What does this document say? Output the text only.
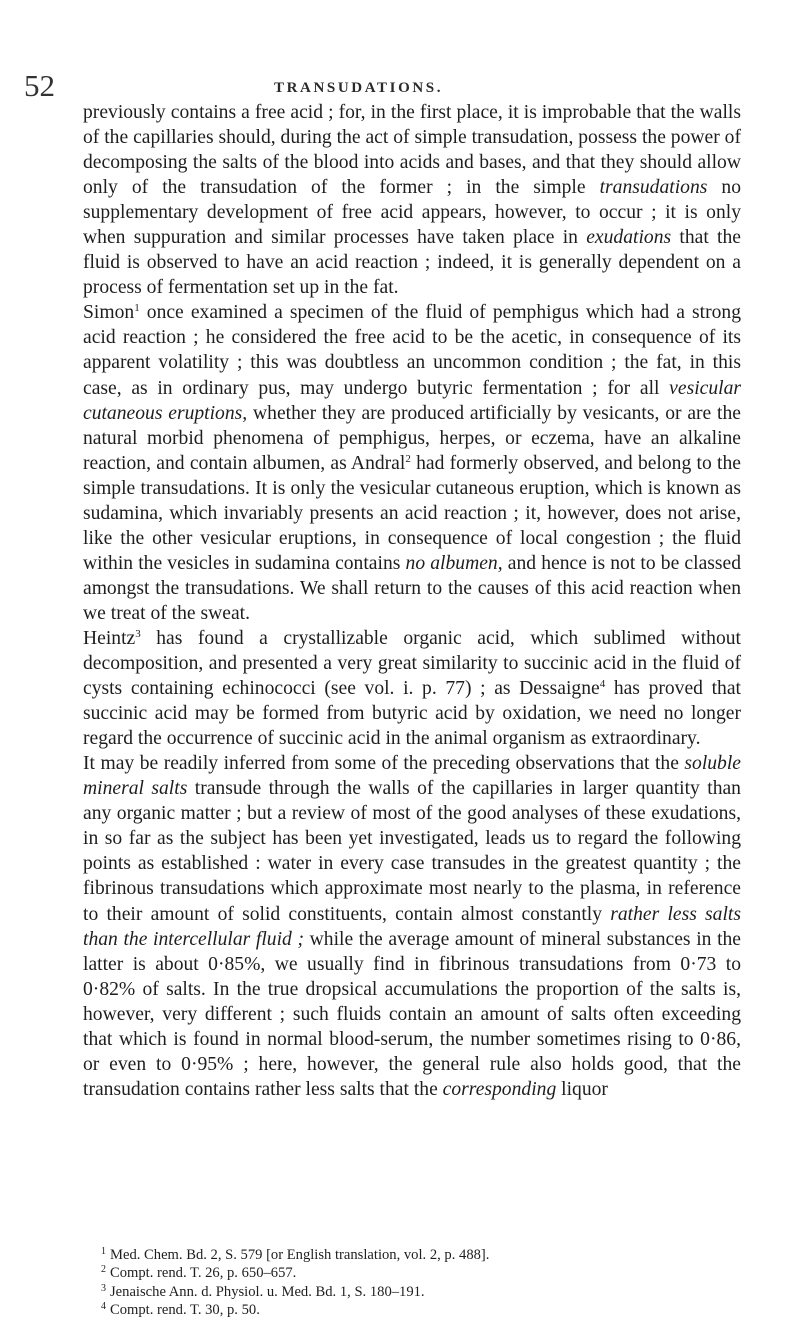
52	TRANSUDATIONS.

previously contains a free acid ; for, in the first place, it is improbable that the walls of the capillaries should, during the act of simple transudation, possess the power of decomposing the salts of the blood into acids and bases, and that they should allow only of the transudation of the former ; in the simple transudations no supplementary development of free acid appears, however, to occur ; it is only when suppuration and similar processes have taken place in exudations that the fluid is observed to have an acid reaction ; indeed, it is generally dependent on a process of fermentation set up in the fat.

Simon$^1$ once examined a specimen of the fluid of pemphigus which had a strong acid reaction ; he considered the free acid to be the acetic, in consequence of its apparent volatility ; this was doubtless an uncommon condition ; the fat, in this case, as in ordinary pus, may undergo butyric fermentation ; for all vesicular cutaneous eruptions, whether they are produced artificially by vesicants, or are the natural morbid phenomena of pemphigus, herpes, or eczema, have an alkaline reaction, and contain albumen, as Andral$^2$ had formerly observed, and belong to the simple transudations. It is only the vesicular cutaneous eruption, which is known as sudamina, which invariably presents an acid reaction ; it, however, does not arise, like the other vesicular eruptions, in consequence of local congestion ; the fluid within the vesicles in sudamina contains no albumen, and hence is not to be classed amongst the transudations. We shall return to the causes of this acid reaction when we treat of the sweat.

Heintz$^3$ has found a crystallizable organic acid, which sublimed without decomposition, and presented a very great similarity to succinic acid in the fluid of cysts containing echinococci (see vol. i. p. 77) ; as Dessaigne$^4$ has proved that succinic acid may be formed from butyric acid by oxidation, we need no longer regard the occurrence of succinic acid in the animal organism as extraordinary.

It may be readily inferred from some of the preceding observations that the soluble mineral salts transude through the walls of the capillaries in larger quantity than any organic matter ; but a review of most of the good analyses of these exudations, in so far as the subject has been yet investigated, leads us to regard the following points as established : water in every case transudes in the greatest quantity ; the fibrinous transudations which approximate most nearly to the plasma, in reference to their amount of solid constituents, contain almost constantly rather less salts than the intercellular fluid ; while the average amount of mineral substances in the latter is about 0·85%, we usually find in fibrinous transudations from 0·73 to 0·82% of salts. In the true dropsical accumulations the proportion of the salts is, however, very different ; such fluids contain an amount of salts often exceeding that which is found in normal blood-serum, the number sometimes rising to 0·86, or even to 0·95% ; here, however, the general rule also holds good, that the transudation contains rather less salts that the corresponding liquor

$^1$ Med. Chem. Bd. 2, S. 579 [or English translation, vol. 2, p. 488].
$^2$ Compt. rend. T. 26, p. 650–657.
$^3$ Jenaische Ann. d. Physiol. u. Med. Bd. 1, S. 180–191.
$^4$ Compt. rend. T. 30, p. 50.
